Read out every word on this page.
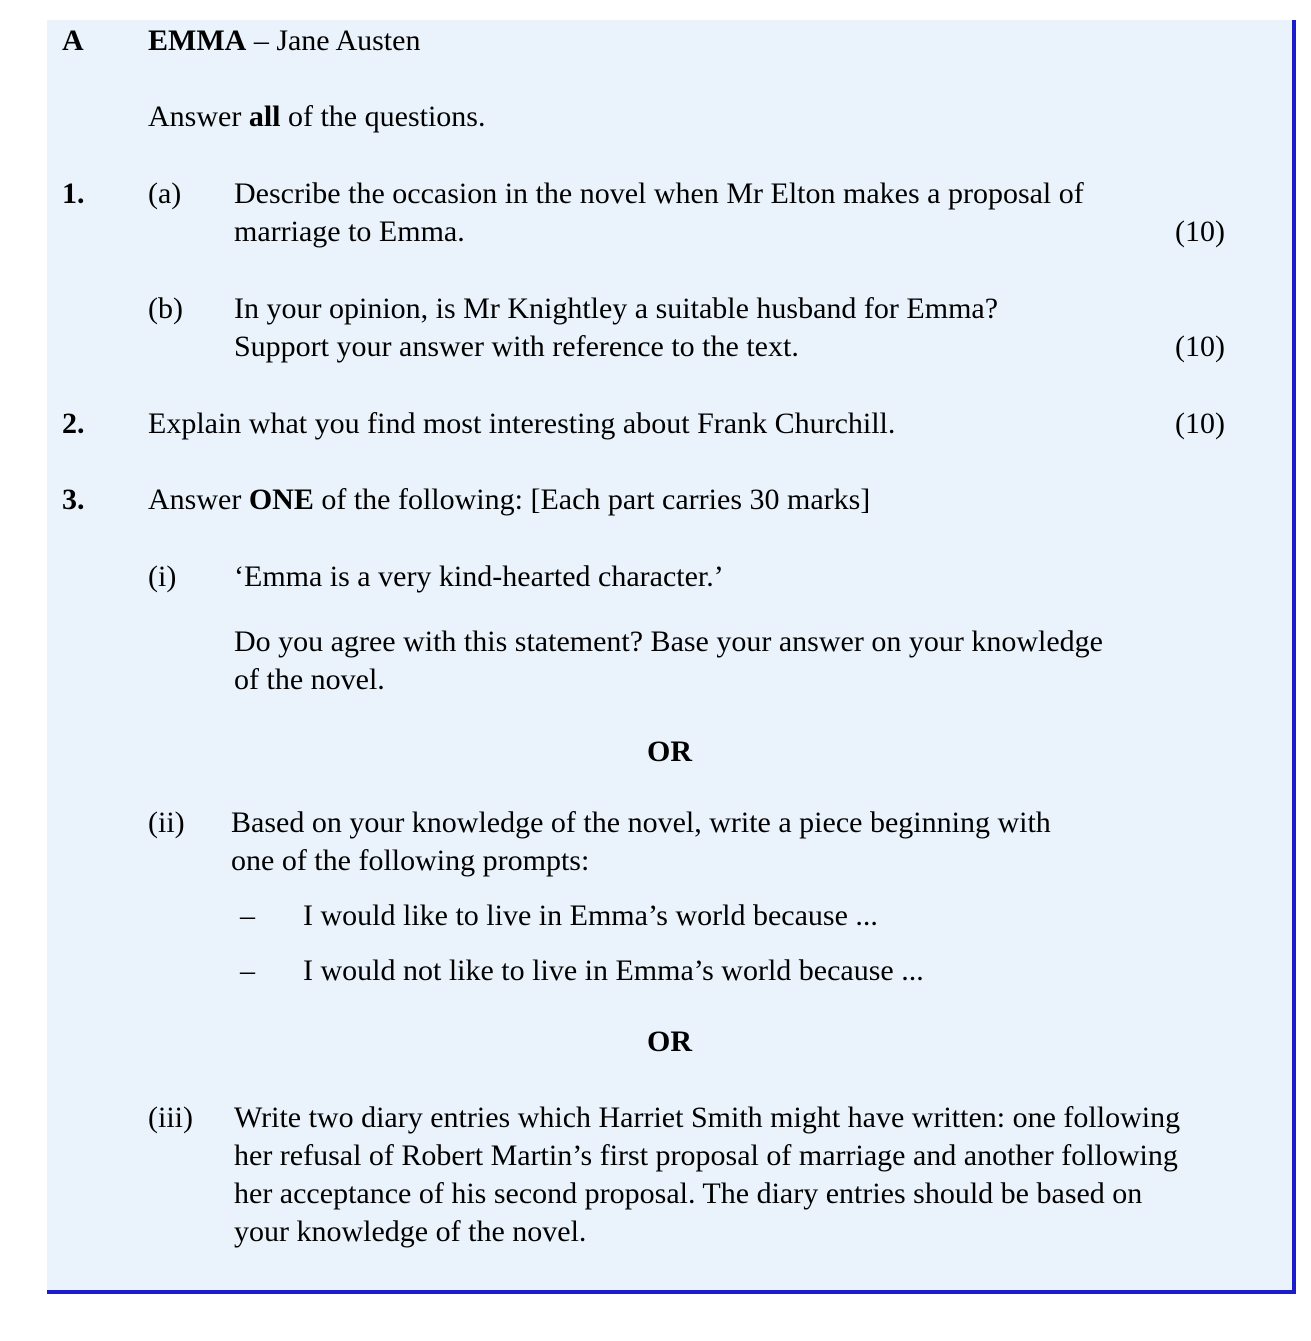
A EMMA – Jane Austen
Answer all of the questions.
1. (a) Describe the occasion in the novel when Mr Elton makes a proposal of
marriage to Emma.	(10)
(b) In your opinion, is Mr Knightley a suitable husband for Emma?
Support your answer with reference to the text.	(10)
2. Explain what you find most interesting about Frank Churchill.	(10)
3. Answer ONE of the following: [Each part carries 30 marks]
(i) ‘Emma is a very kind-hearted character.’
Do you agree with this statement? Base your answer on your knowledge
of the novel.
OR
(ii) Based on your knowledge of the novel, write a piece beginning with
one of the following prompts:
– I would like to live in Emma’s world because ...
– I would not like to live in Emma’s world because ...
OR
(iii) Write two diary entries which Harriet Smith might have written: one following
her refusal of Robert Martin’s first proposal of marriage and another following
her acceptance of his second proposal. The diary entries should be based on
your knowledge of the novel.
